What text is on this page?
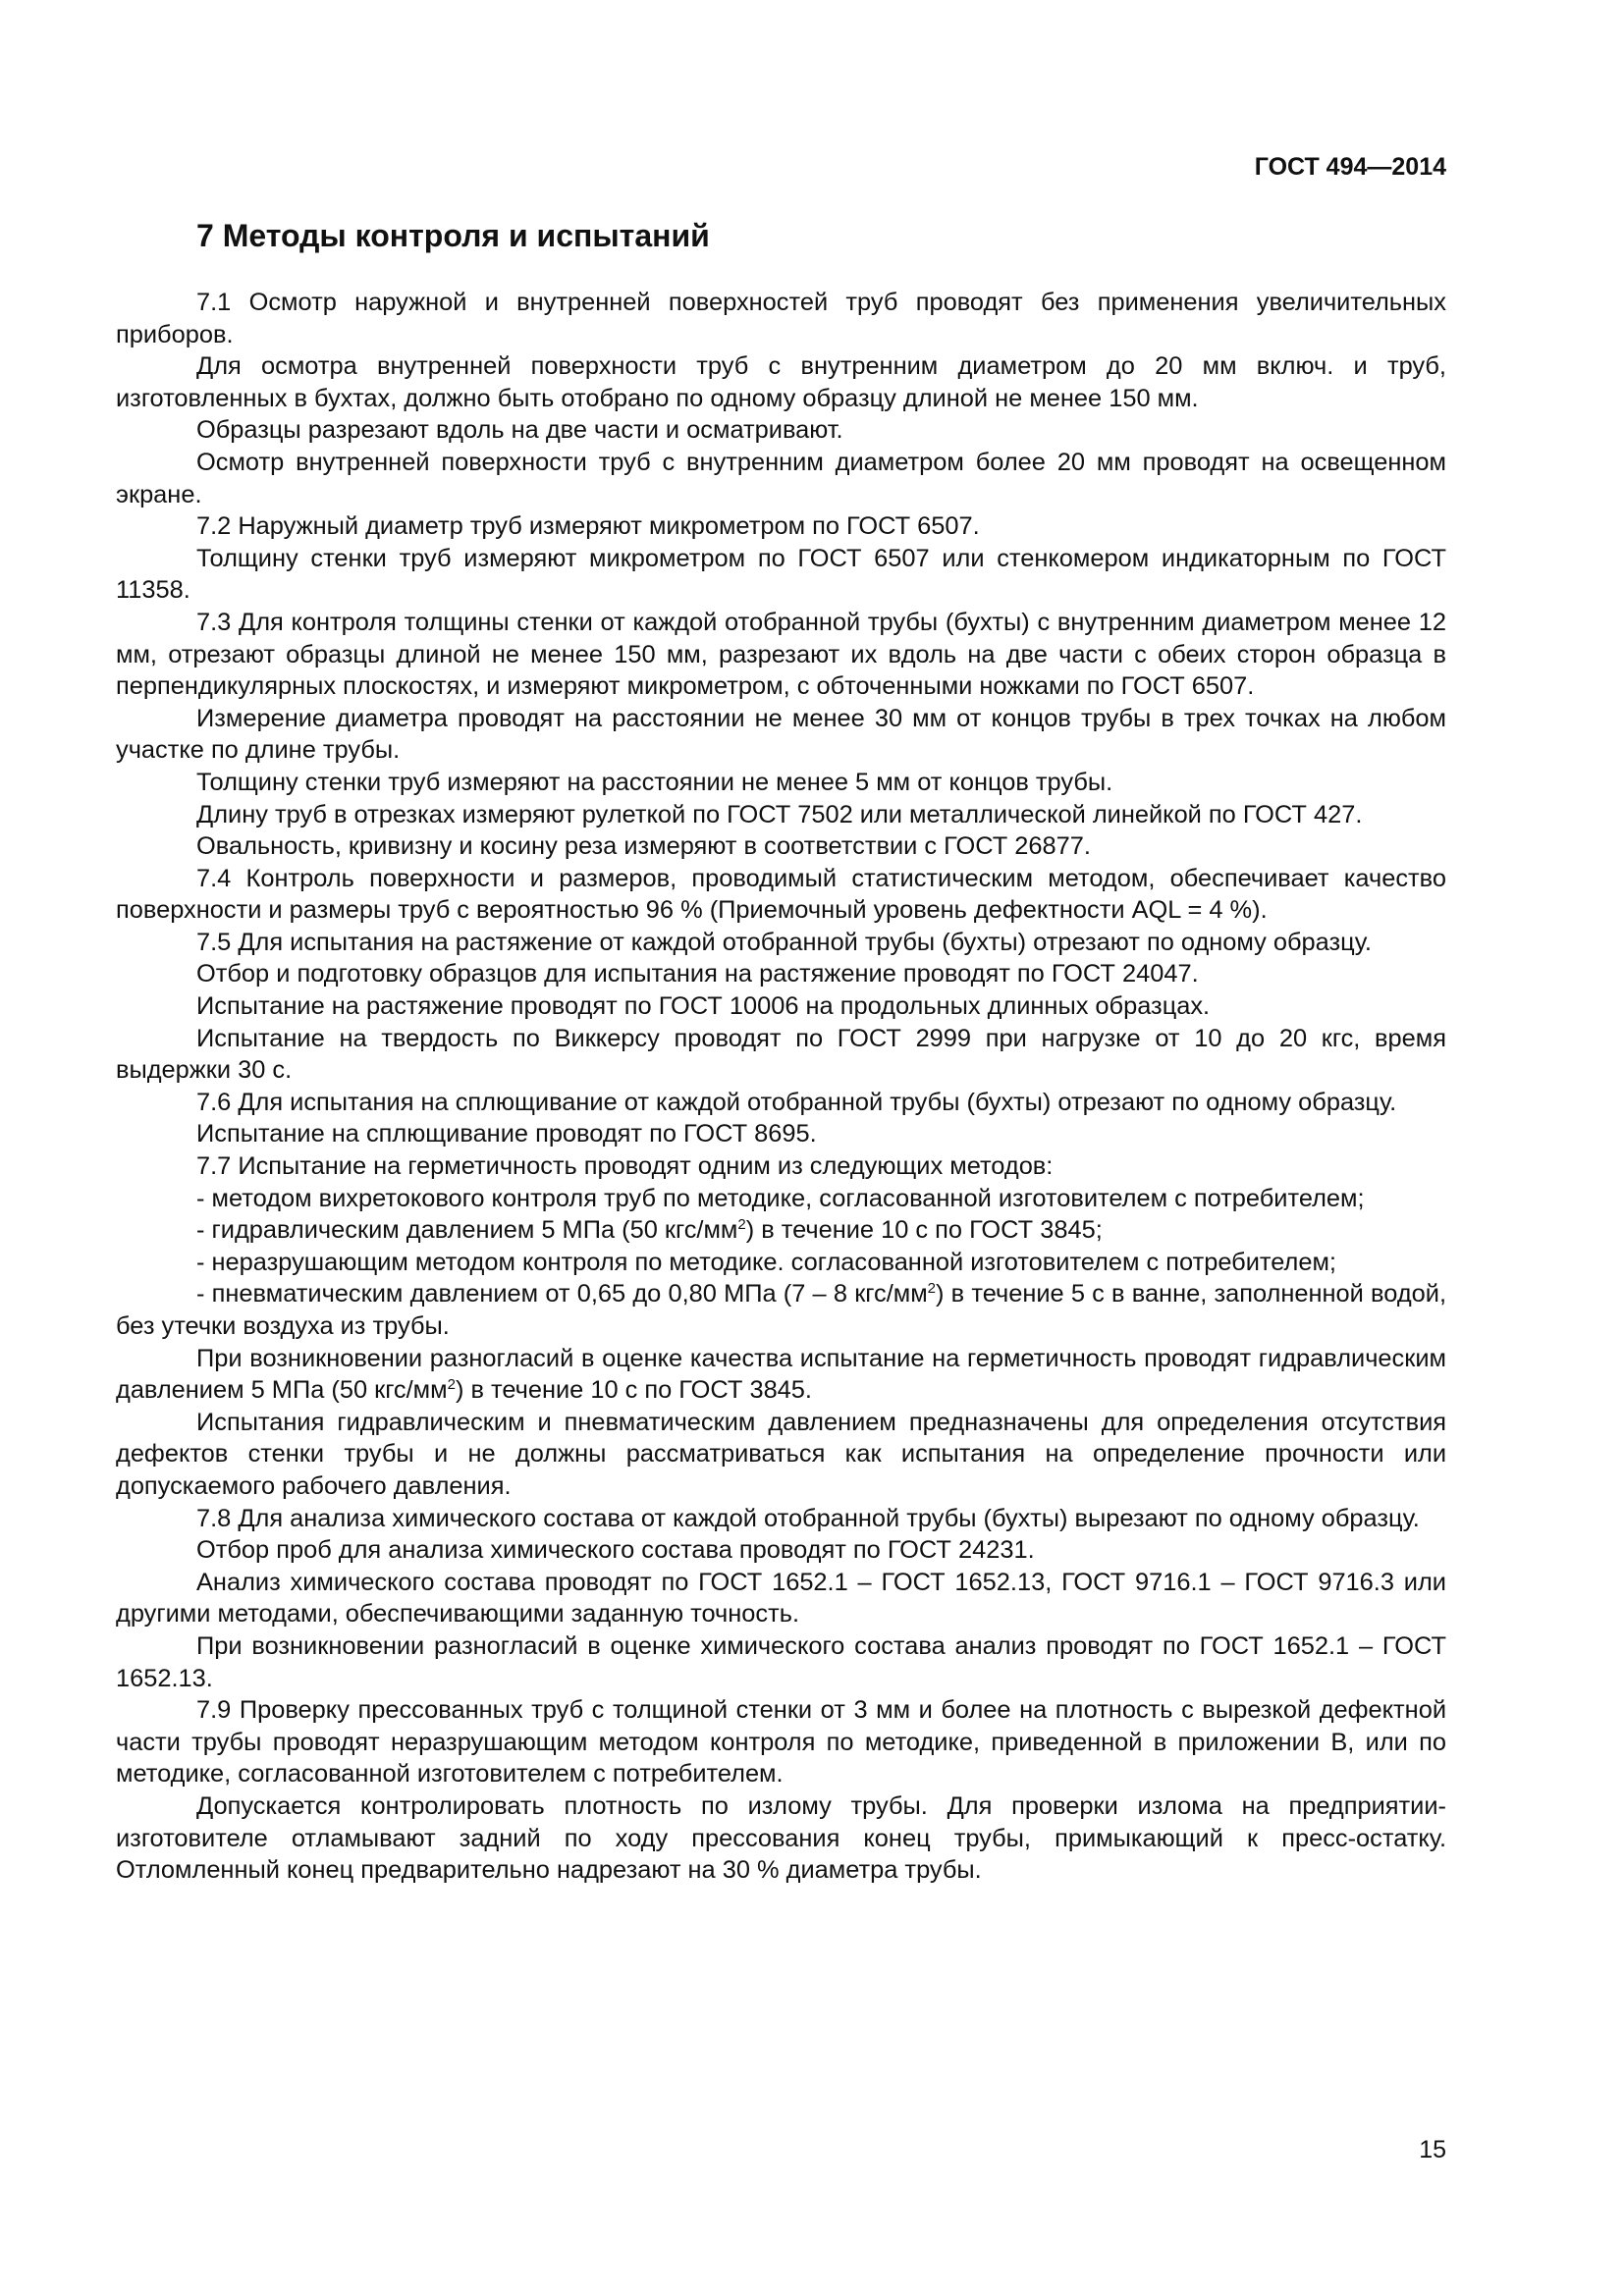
ГОСТ 494—2014
7 Методы контроля и испытаний

7.1 Осмотр наружной и внутренней поверхностей труб проводят без применения увеличительных приборов.

Для осмотра внутренней поверхности труб с внутренним диаметром до 20 мм включ. и труб, изготовленных в бухтах, должно быть отобрано по одному образцу длиной не менее 150 мм.

Образцы разрезают вдоль на две части и осматривают.

Осмотр внутренней поверхности труб с внутренним диаметром более 20 мм проводят на освещенном экране.

7.2 Наружный диаметр труб измеряют микрометром по ГОСТ 6507.

Толщину стенки труб измеряют микрометром по ГОСТ 6507 или стенкомером индикаторным по ГОСТ 11358.

7.3 Для контроля толщины стенки от каждой отобранной трубы (бухты) с внутренним диаметром менее 12 мм, отрезают образцы длиной не менее 150 мм, разрезают их вдоль на две части с обеих сторон образца в перпендикулярных плоскостях, и измеряют микрометром, с обточенными ножками по ГОСТ 6507.

Измерение диаметра проводят на расстоянии не менее 30 мм от концов трубы в трех точках на любом участке по длине трубы.

Толщину стенки труб измеряют на расстоянии не менее 5 мм от концов трубы.

Длину труб в отрезках измеряют рулеткой по ГОСТ 7502 или металлической линейкой по ГОСТ 427.

Овальность, кривизну и косину реза измеряют в соответствии с ГОСТ 26877.

7.4 Контроль поверхности и размеров, проводимый статистическим методом, обеспечивает качество поверхности и размеры труб с вероятностью 96 % (Приемочный уровень дефектности AQL = 4 %).

7.5 Для испытания на растяжение от каждой отобранной трубы (бухты) отрезают по одному образцу.

Отбор и подготовку образцов для испытания на растяжение проводят по ГОСТ 24047.

Испытание на растяжение проводят по ГОСТ 10006 на продольных длинных образцах.

Испытание на твердость по Виккерсу проводят по ГОСТ 2999 при нагрузке от 10 до 20 кгс, время выдержки 30 с.

7.6 Для испытания на сплющивание от каждой отобранной трубы (бухты) отрезают по одному образцу.

Испытание на сплющивание проводят по ГОСТ 8695.

7.7 Испытание на герметичность проводят одним из следующих методов:

- методом вихретокового контроля труб по методике, согласованной изготовителем с потребителем;

- гидравлическим давлением 5 МПа (50 кгс/$мм^2$) в течение 10 с по ГОСТ 3845;

- неразрушающим методом контроля по методике. согласованной изготовителем с потребителем;

- пневматическим давлением от 0,65 до 0,80 МПа (7 – 8 кгс/$мм^2$) в течение 5 с в ванне, заполненной водой, без утечки воздуха из трубы.

При возникновении разногласий в оценке качества испытание на герметичность проводят гидравлическим давлением 5 МПа (50 кгс/$мм^2$) в течение 10 с по ГОСТ 3845.

Испытания гидравлическим и пневматическим давлением предназначены для определения отсутствия дефектов стенки трубы и не должны рассматриваться как испытания на определение прочности или допускаемого рабочего давления.

7.8 Для анализа химического состава от каждой отобранной трубы (бухты) вырезают по одному образцу.

Отбор проб для анализа химического состава проводят по ГОСТ 24231.

Анализ химического состава проводят по ГОСТ 1652.1 – ГОСТ 1652.13, ГОСТ 9716.1 – ГОСТ 9716.3 или другими методами, обеспечивающими заданную точность.

При возникновении разногласий в оценке химического состава анализ проводят по ГОСТ 1652.1 – ГОСТ 1652.13.

7.9 Проверку прессованных труб с толщиной стенки от 3 мм и более на плотность с вырезкой дефектной части трубы проводят неразрушающим методом контроля по методике, приведенной в приложении В, или по методике, согласованной изготовителем с потребителем.

Допускается контролировать плотность по излому трубы. Для проверки излома на предприятии-изготовителе отламывают задний по ходу прессования конец трубы, примыкающий к пресс-остатку. Отломленный конец предварительно надрезают на 30 % диаметра трубы.

15
